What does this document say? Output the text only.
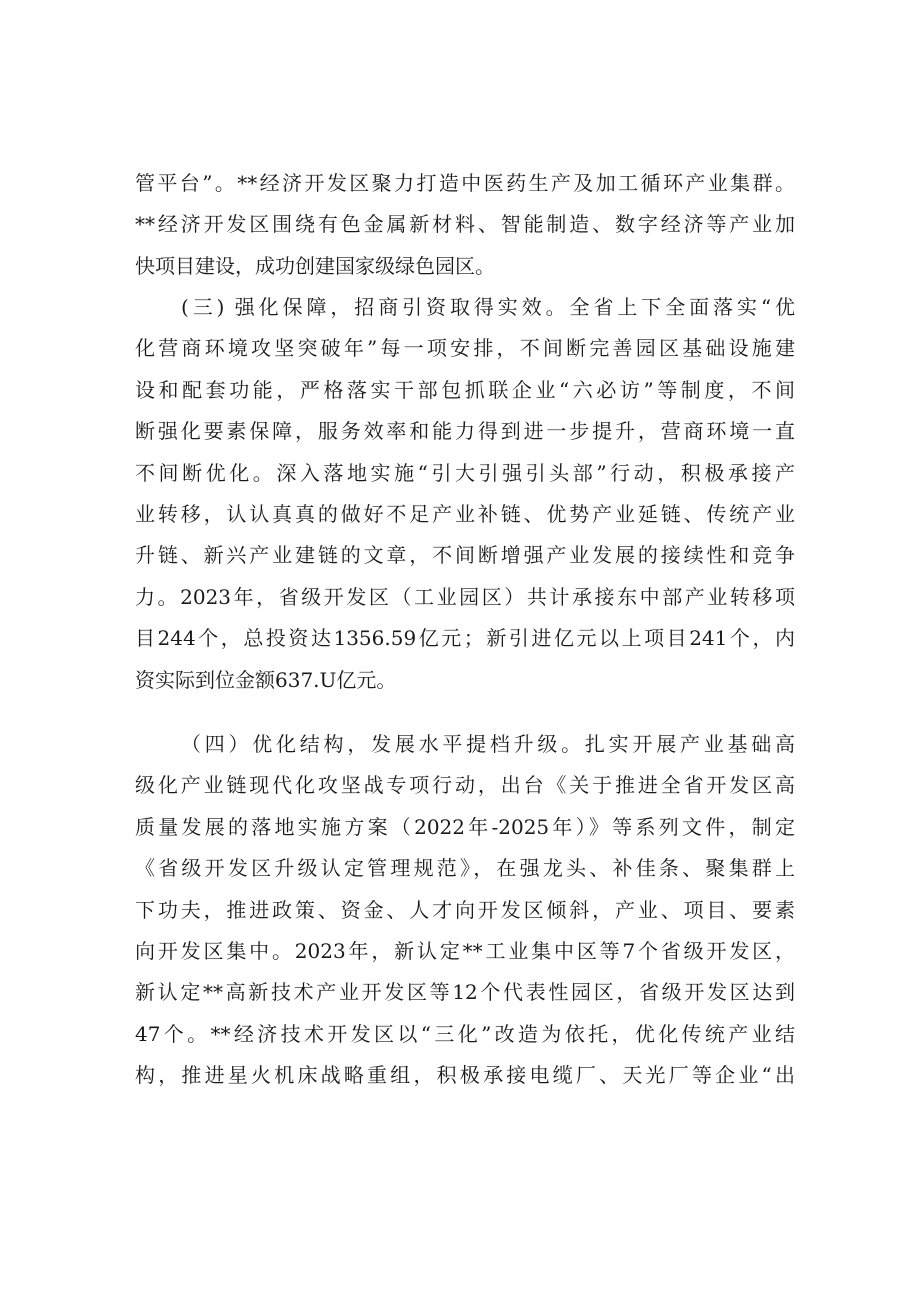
管平台”。**经济开发区聚力打造中医药生产及加工循环产业集群。
**经济开发区围绕有色金属新材料、智能制造、数字经济等产业加
快项目建设，成功创建国家级绿色园区。
(三) 强化保障，招商引资取得实效。全省上下全面落实“优
化营商环境攻坚突破年”每一项安排，不间断完善园区基础设施建
设和配套功能，严格落实干部包抓联企业“六必访”等制度，不间
断强化要素保障，服务效率和能力得到进一步提升，营商环境一直
不间断优化。深入落地实施“引大引强引头部”行动，积极承接产
业转移，认认真真的做好不足产业补链、优势产业延链、传统产业
升链、新兴产业建链的文章，不间断增强产业发展的接续性和竞争
力。2023年，省级开发区（工业园区）共计承接东中部产业转移项
目244个，总投资达1356.59亿元；新引进亿元以上项目241个，内
资实际到位金额637.U亿元。
（四）优化结构，发展水平提档升级。扎实开展产业基础高
级化产业链现代化攻坚战专项行动，出台《关于推进全省开发区高
质量发展的落地实施方案（2022年-2025年）》等系列文件，制定
《省级开发区升级认定管理规范》，在强龙头、补佳条、聚集群上
下功夫，推进政策、资金、人才向开发区倾斜，产业、项目、要素
向开发区集中。2023年，新认定**工业集中区等7个省级开发区，
新认定**高新技术产业开发区等12个代表性园区，省级开发区达到
47个。**经济技术开发区以“三化”改造为依托，优化传统产业结
构，推进星火机床战略重组，积极承接电缆厂、天光厂等企业“出
